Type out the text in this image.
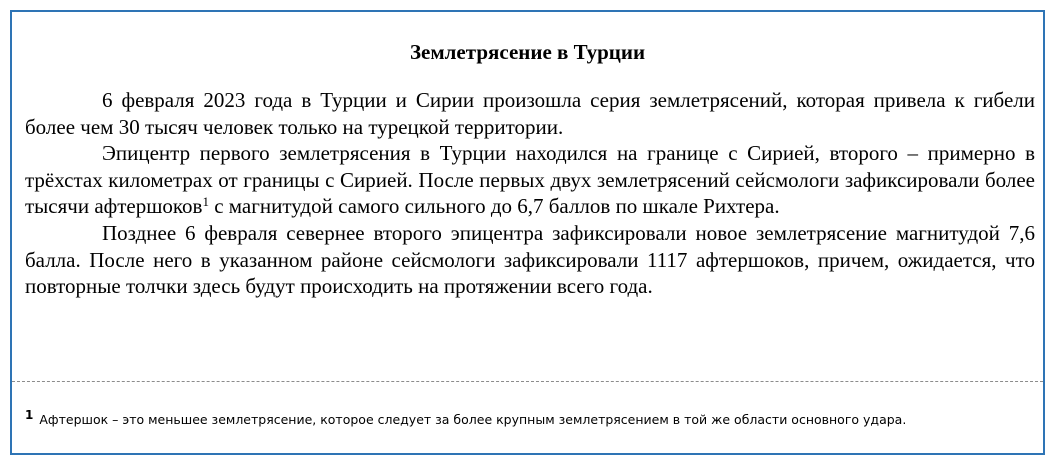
Землетрясение в Турции

6 февраля 2023 года в Турции и Сирии произошла серия землетрясений, которая привела к гибели более чем 30 тысяч человек только на турецкой территории.

Эпицентр первого землетрясения в Турции находился на границе с Сирией, второго – примерно в трёхстах километрах от границы с Сирией. После первых двух землетрясений сейсмологи зафиксировали более тысячи афтершоков$^1$ с магнитудой самого сильного до 6,7 баллов по шкале Рихтера.

Позднее 6 февраля севернее второго эпицентра зафиксировали новое землетрясение магнитудой 7,6 балла. После него в указанном районе сейсмологи зафиксировали 1117 афтершоков, причем, ожидается, что повторные толчки здесь будут происходить на протяжении всего года.

1 Афтершок – это меньшее землетрясение, которое следует за более крупным землетрясением в той же области основного удара.
